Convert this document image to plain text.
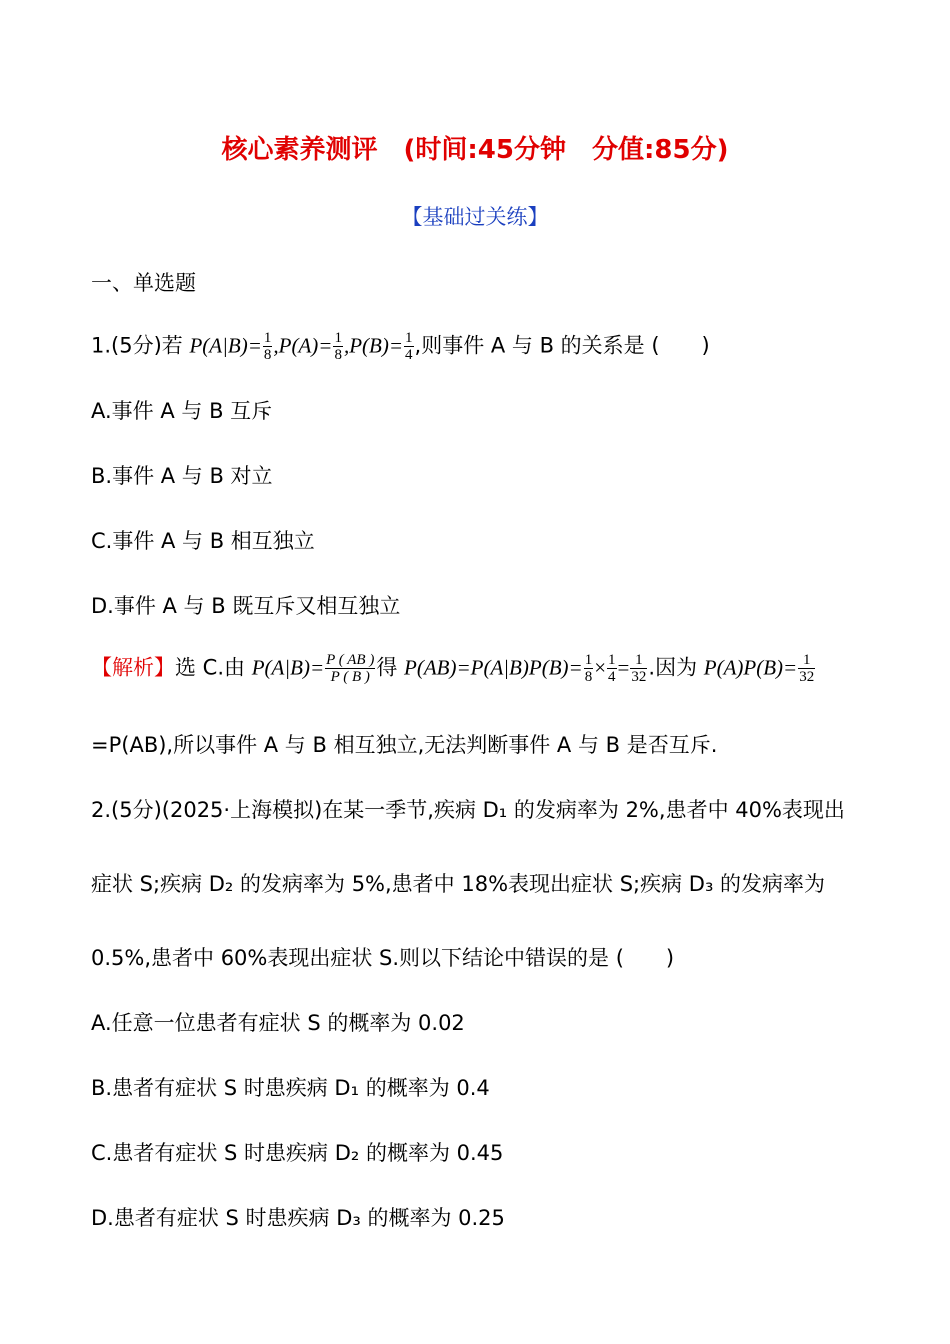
核心素养测评　(时间:45分钟　分值:85分)
【基础过关练】
一、单选题
1.(5分)若 $P(A|B)= \frac{1}{8} ,P(A)= \frac{1}{8} ,P(B)= \frac{1}{4}$ ,则事件 A 与 B 的关系是 (　　)
A.事件 A 与 B 互斥
B.事件 A 与 B 对立
C.事件 A 与 B 相互独立
D.事件 A 与 B 既互斥又相互独立
【解析】选 C.由 $P(A|B)= \frac{P ( AB )}{P ( B )}$ 得 $P(AB)=P(A|B)P(B)= \frac{1}{8} \times \frac{1}{4} = \frac{1}{32}$ .因为 $P(A)P(B)= \frac{1}{32}$
=P(AB),所以事件 A 与 B 相互独立,无法判断事件 A 与 B 是否互斥.
2.(5分)(2025·上海模拟)在某一季节,疾病 D₁ 的发病率为 2%,患者中 40%表现出
症状 S;疾病 D₂ 的发病率为 5%,患者中 18%表现出症状 S;疾病 D₃ 的发病率为
0.5%,患者中 60%表现出症状 S.则以下结论中错误的是 (　　)
A.任意一位患者有症状 S 的概率为 0.02
B.患者有症状 S 时患疾病 D₁ 的概率为 0.4
C.患者有症状 S 时患疾病 D₂ 的概率为 0.45
D.患者有症状 S 时患疾病 D₃ 的概率为 0.25
